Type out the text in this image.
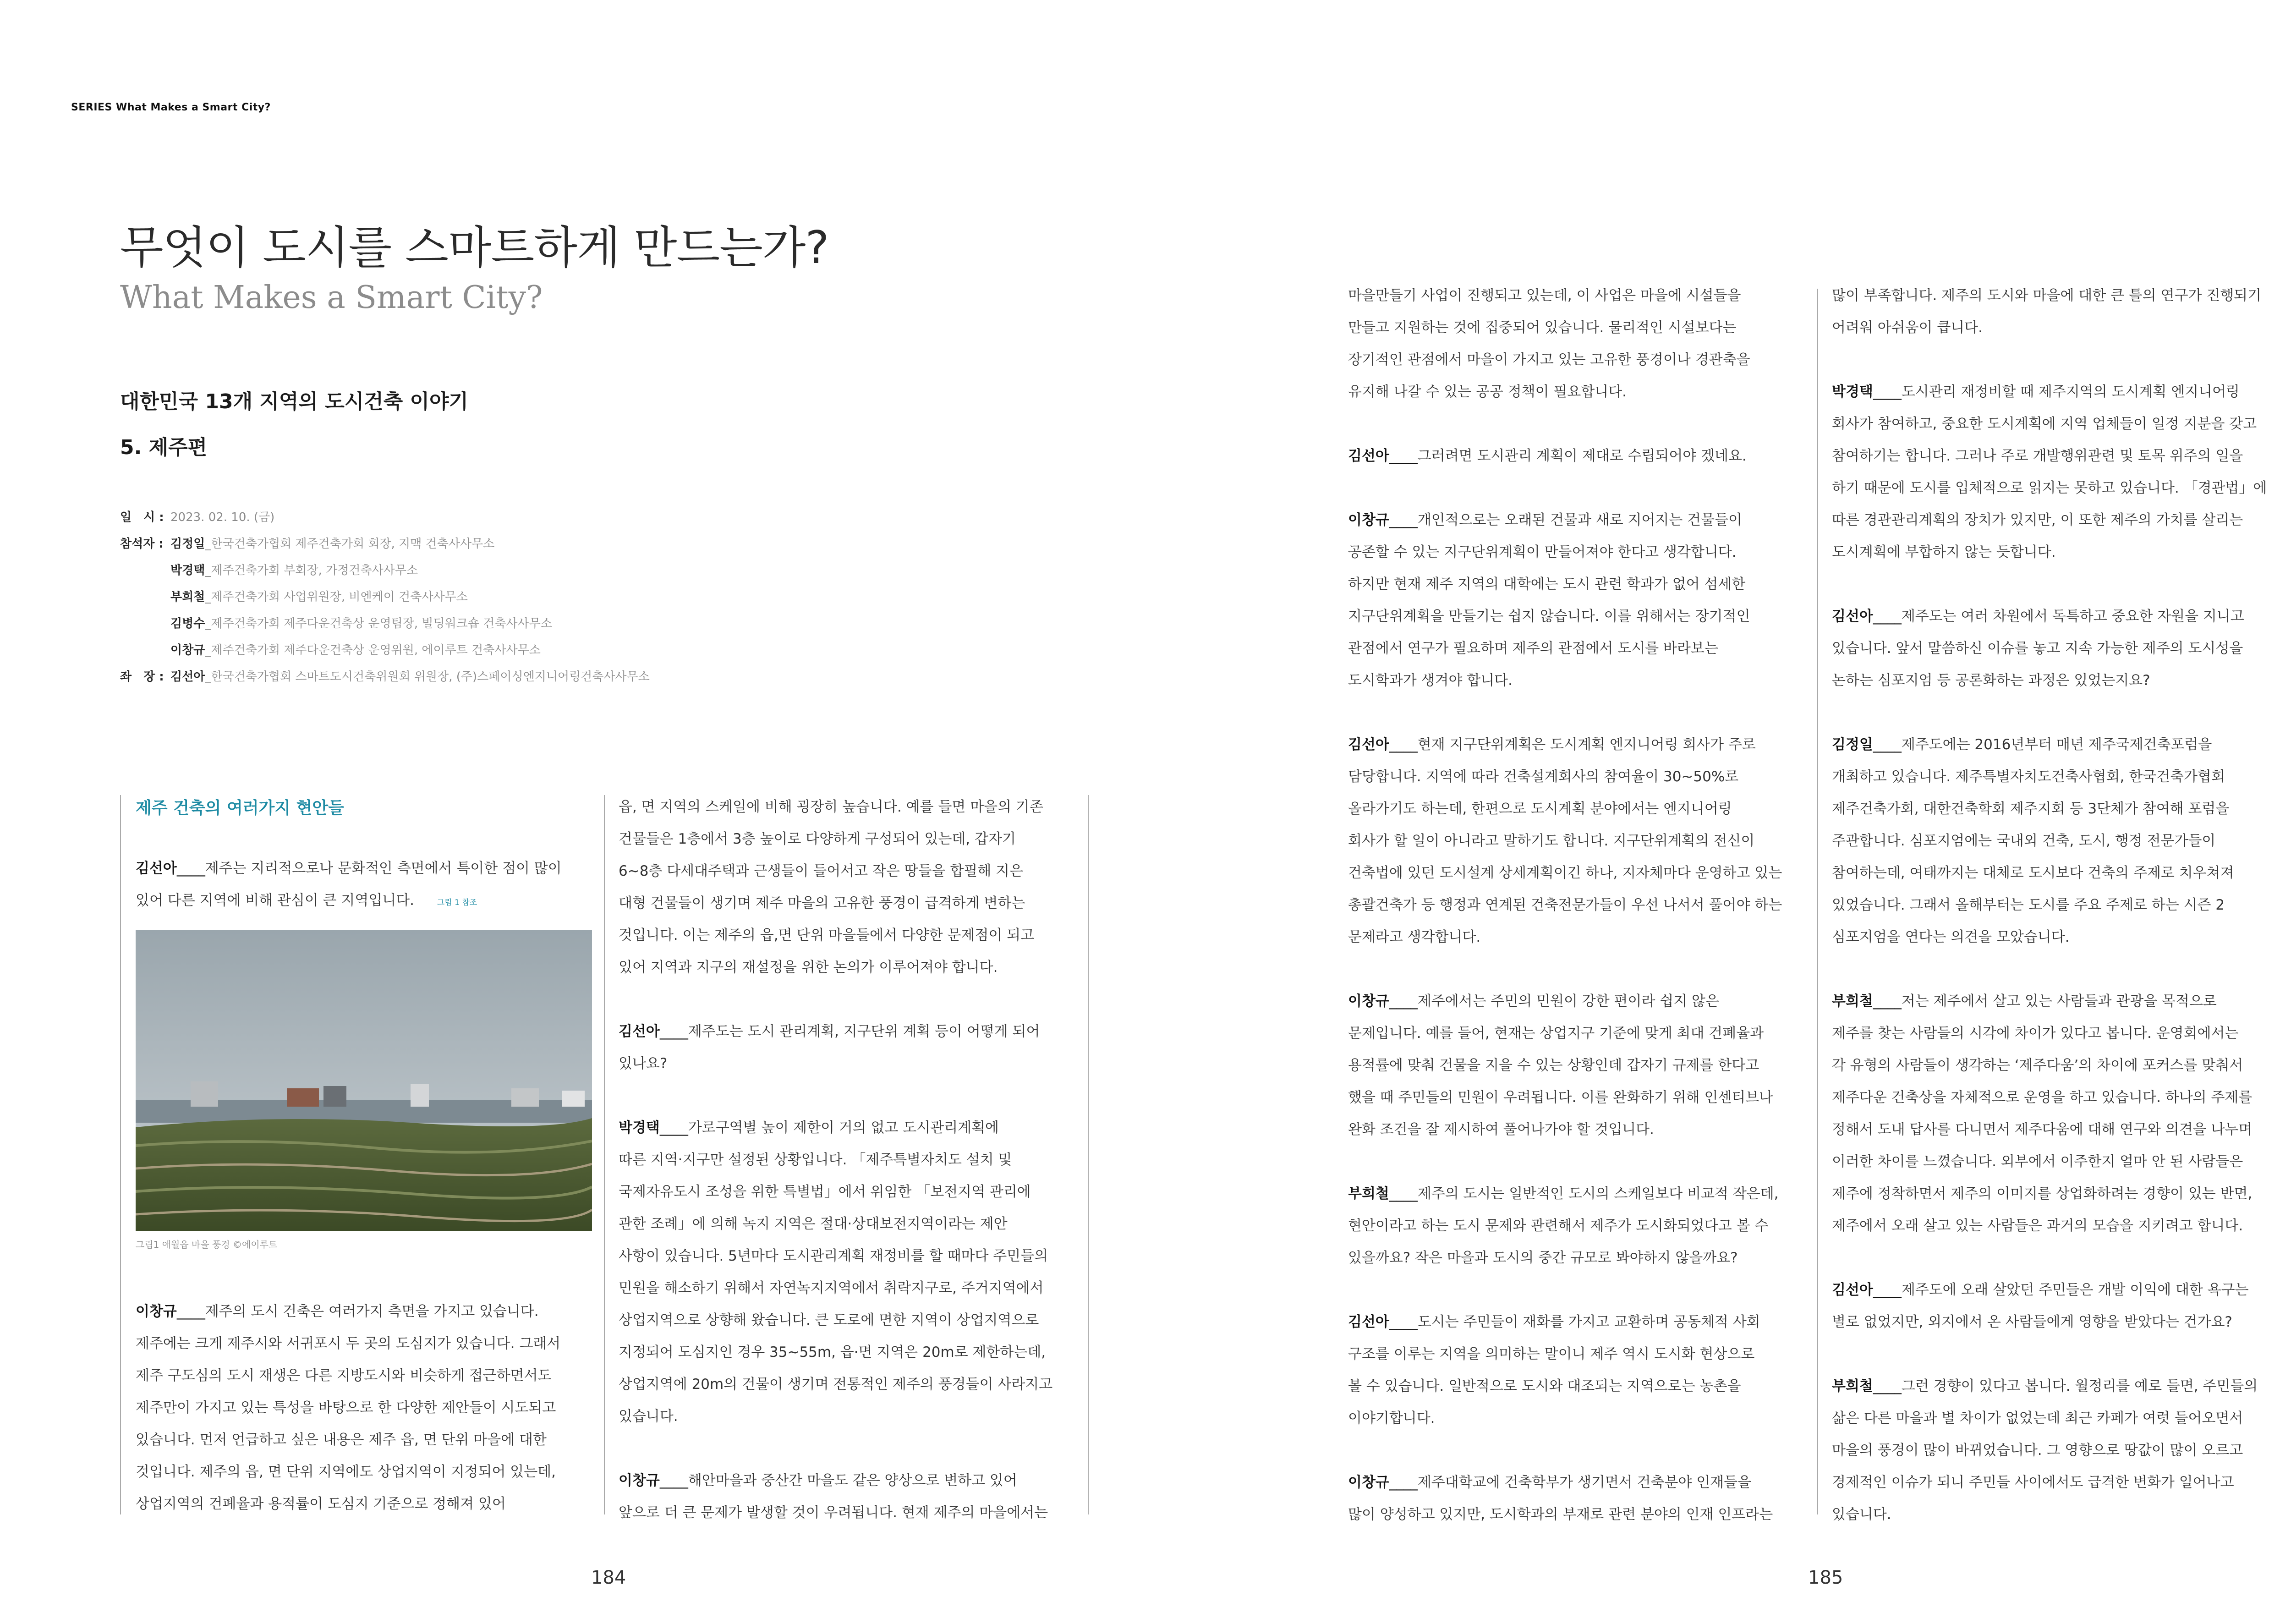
SERIES What Makes a Smart City?
무엇이 도시를 스마트하게 만드는가?
What Makes a Smart City?
대한민국 13개 지역의 도시건축 이야기
5. 제주편
일　시 : 2023. 02. 10. (금)
참석자 : 김정일_한국건축가협회 제주건축가회 회장, 지맥 건축사사무소
박경택_제주건축가회 부회장, 가정건축사사무소
부희철_제주건축가회 사업위원장, 비엔케이 건축사사무소
김병수_제주건축가회 제주다운건축상 운영팀장, 빌딩워크숍 건축사사무소
이창규_제주건축가회 제주다운건축상 운영위원, 에이루트 건축사사무소
좌　장 : 김선아_한국건축가협회 스마트도시건축위원회 위원장, (주)스페이싱엔지니어링건축사사무소
제주 건축의 여러가지 현안들
김선아____제주는 지리적으로나 문화적인 측면에서 특이한 점이 많이
있어 다른 지역에 비해 관심이 큰 지역입니다.	그림 1 참조
그림1 애월읍 마을 풍경 ©에이루트
이창규____제주의 도시 건축은 여러가지 측면을 가지고 있습니다.
제주에는 크게 제주시와 서귀포시 두 곳의 도심지가 있습니다. 그래서
제주 구도심의 도시 재생은 다른 지방도시와 비슷하게 접근하면서도
제주만이 가지고 있는 특성을 바탕으로 한 다양한 제안들이 시도되고
있습니다. 먼저 언급하고 싶은 내용은 제주 읍, 면 단위 마을에 대한
것입니다. 제주의 읍, 면 단위 지역에도 상업지역이 지정되어 있는데,
상업지역의 건폐율과 용적률이 도심지 기준으로 정해져 있어
읍, 면 지역의 스케일에 비해 굉장히 높습니다. 예를 들면 마을의 기존
건물들은 1층에서 3층 높이로 다양하게 구성되어 있는데, 갑자기
6~8층 다세대주택과 근생들이 들어서고 작은 땅들을 합필해 지은
대형 건물들이 생기며 제주 마을의 고유한 풍경이 급격하게 변하는
것입니다. 이는 제주의 읍,면 단위 마을들에서 다양한 문제점이 되고
있어 지역과 지구의 재설정을 위한 논의가 이루어져야 합니다.
김선아____제주도는 도시 관리계획, 지구단위 계획 등이 어떻게 되어
있나요?
박경택____가로구역별 높이 제한이 거의 없고 도시관리계획에
따른 지역·지구만 설정된 상황입니다. 「제주특별자치도 설치 및
국제자유도시 조성을 위한 특별법」에서 위임한 「보전지역 관리에
관한 조례」에 의해 녹지 지역은 절대·상대보전지역이라는 제안
사항이 있습니다. 5년마다 도시관리계획 재정비를 할 때마다 주민들의
민원을 해소하기 위해서 자연녹지지역에서 취락지구로, 주거지역에서
상업지역으로 상향해 왔습니다. 큰 도로에 면한 지역이 상업지역으로
지정되어 도심지인 경우 35~55m, 읍·면 지역은 20m로 제한하는데,
상업지역에 20m의 건물이 생기며 전통적인 제주의 풍경들이 사라지고
있습니다.
이창규____해안마을과 중산간 마을도 같은 양상으로 변하고 있어
앞으로 더 큰 문제가 발생할 것이 우려됩니다. 현재 제주의 마을에서는
마을만들기 사업이 진행되고 있는데, 이 사업은 마을에 시설들을
만들고 지원하는 것에 집중되어 있습니다. 물리적인 시설보다는
장기적인 관점에서 마을이 가지고 있는 고유한 풍경이나 경관축을
유지해 나갈 수 있는 공공 정책이 필요합니다.
김선아____그러려면 도시관리 계획이 제대로 수립되어야 겠네요.
이창규____개인적으로는 오래된 건물과 새로 지어지는 건물들이
공존할 수 있는 지구단위계획이 만들어져야 한다고 생각합니다.
하지만 현재 제주 지역의 대학에는 도시 관련 학과가 없어 섬세한
지구단위계획을 만들기는 쉽지 않습니다. 이를 위해서는 장기적인
관점에서 연구가 필요하며 제주의 관점에서 도시를 바라보는
도시학과가 생겨야 합니다.
김선아____현재 지구단위계획은 도시계획 엔지니어링 회사가 주로
담당합니다. 지역에 따라 건축설계회사의 참여율이 30~50%로
올라가기도 하는데, 한편으로 도시계획 분야에서는 엔지니어링
회사가 할 일이 아니라고 말하기도 합니다. 지구단위계획의 전신이
건축법에 있던 도시설계 상세계획이긴 하나, 지자체마다 운영하고 있는
총괄건축가 등 행정과 연계된 건축전문가들이 우선 나서서 풀어야 하는
문제라고 생각합니다.
이창규____제주에서는 주민의 민원이 강한 편이라 쉽지 않은
문제입니다. 예를 들어, 현재는 상업지구 기준에 맞게 최대 건폐율과
용적률에 맞춰 건물을 지을 수 있는 상황인데 갑자기 규제를 한다고
했을 때 주민들의 민원이 우려됩니다. 이를 완화하기 위해 인센티브나
완화 조건을 잘 제시하여 풀어나가야 할 것입니다.
부희철____제주의 도시는 일반적인 도시의 스케일보다 비교적 작은데,
현안이라고 하는 도시 문제와 관련해서 제주가 도시화되었다고 볼 수
있을까요? 작은 마을과 도시의 중간 규모로 봐야하지 않을까요?
김선아____도시는 주민들이 재화를 가지고 교환하며 공동체적 사회
구조를 이루는 지역을 의미하는 말이니 제주 역시 도시화 현상으로
볼 수 있습니다. 일반적으로 도시와 대조되는 지역으로는 농촌을
이야기합니다.
이창규____제주대학교에 건축학부가 생기면서 건축분야 인재들을
많이 양성하고 있지만, 도시학과의 부재로 관련 분야의 인재 인프라는
많이 부족합니다. 제주의 도시와 마을에 대한 큰 틀의 연구가 진행되기
어려워 아쉬움이 큽니다.
박경택____도시관리 재정비할 때 제주지역의 도시계획 엔지니어링
회사가 참여하고, 중요한 도시계획에 지역 업체들이 일정 지분을 갖고
참여하기는 합니다. 그러나 주로 개발행위관련 및 토목 위주의 일을
하기 때문에 도시를 입체적으로 읽지는 못하고 있습니다. 「경관법」에
따른 경관관리계획의 장치가 있지만, 이 또한 제주의 가치를 살리는
도시계획에 부합하지 않는 듯합니다.
김선아____제주도는 여러 차원에서 독특하고 중요한 자원을 지니고
있습니다. 앞서 말씀하신 이슈를 놓고 지속 가능한 제주의 도시성을
논하는 심포지엄 등 공론화하는 과정은 있었는지요?
김정일____제주도에는 2016년부터 매년 제주국제건축포럼을
개최하고 있습니다. 제주특별자치도건축사협회, 한국건축가협회
제주건축가회, 대한건축학회 제주지회 등 3단체가 참여해 포럼을
주관합니다. 심포지엄에는 국내외 건축, 도시, 행정 전문가들이
참여하는데, 여태까지는 대체로 도시보다 건축의 주제로 치우쳐져
있었습니다. 그래서 올해부터는 도시를 주요 주제로 하는 시즌 2
심포지엄을 연다는 의견을 모았습니다.
부희철____저는 제주에서 살고 있는 사람들과 관광을 목적으로
제주를 찾는 사람들의 시각에 차이가 있다고 봅니다. 운영회에서는
각 유형의 사람들이 생각하는 ‘제주다움’의 차이에 포커스를 맞춰서
제주다운 건축상을 자체적으로 운영을 하고 있습니다. 하나의 주제를
정해서 도내 답사를 다니면서 제주다움에 대해 연구와 의견을 나누며
이러한 차이를 느꼈습니다. 외부에서 이주한지 얼마 안 된 사람들은
제주에 정착하면서 제주의 이미지를 상업화하려는 경향이 있는 반면,
제주에서 오래 살고 있는 사람들은 과거의 모습을 지키려고 합니다.
김선아____제주도에 오래 살았던 주민들은 개발 이익에 대한 욕구는
별로 없었지만, 외지에서 온 사람들에게 영향을 받았다는 건가요?
부희철____그런 경향이 있다고 봅니다. 월정리를 예로 들면, 주민들의
삶은 다른 마을과 별 차이가 없었는데 최근 카페가 여럿 들어오면서
마을의 풍경이 많이 바뀌었습니다. 그 영향으로 땅값이 많이 오르고
경제적인 이슈가 되니 주민들 사이에서도 급격한 변화가 일어나고
있습니다.
184	185
